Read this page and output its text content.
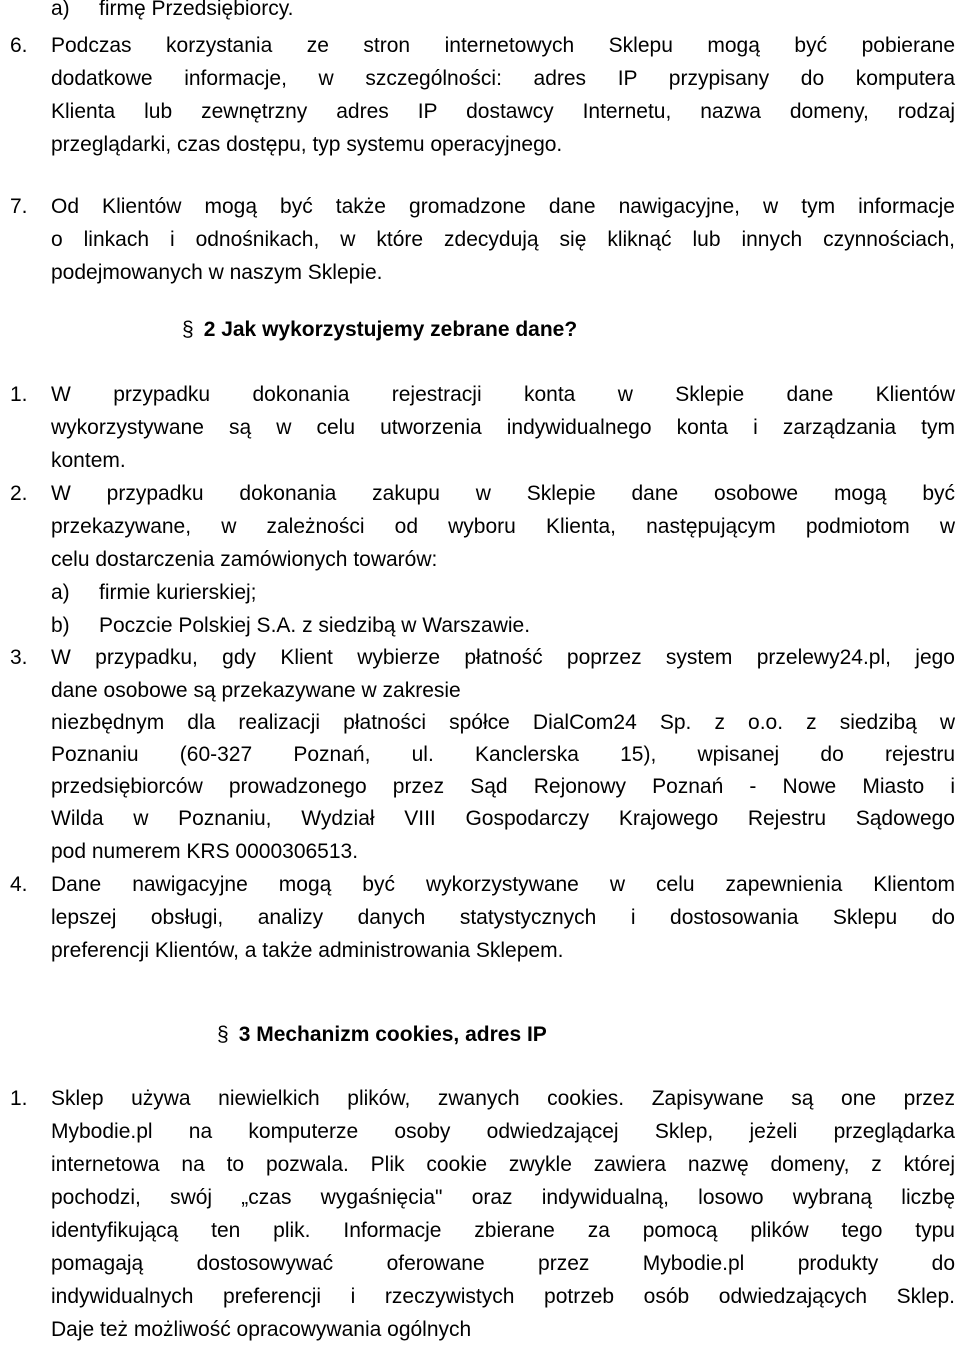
a) firmę Przedsiębiorcy.
6. Podczas korzystania ze stron internetowych Sklepu mogą być pobierane
dodatkowe informacje, w szczególności: adres IP przypisany do komputera
Klienta lub zewnętrzny adres IP dostawcy Internetu, nazwa domeny, rodzaj
przeglądarki, czas dostępu, typ systemu operacyjnego.
7. Od Klientów mogą być także gromadzone dane nawigacyjne, w tym informacje
o linkach i odnośnikach, w które zdecydują się kliknąć lub innych czynnościach,
podejmowanych w naszym Sklepie.
§ 2 Jak wykorzystujemy zebrane dane?
1. W przypadku dokonania rejestracji konta w Sklepie dane Klientów
wykorzystywane są w celu utworzenia indywidualnego konta i zarządzania tym
kontem.
2. W przypadku dokonania zakupu w Sklepie dane osobowe mogą być
przekazywane, w zależności od wyboru Klienta, następującym podmiotom w
celu dostarczenia zamówionych towarów:
a) firmie kurierskiej;
b) Poczcie Polskiej S.A. z siedzibą w Warszawie.
3. W przypadku, gdy Klient wybierze płatność poprzez system przelewy24.pl, jego
dane osobowe są przekazywane w zakresie
niezbędnym dla realizacji płatności spółce DialCom24 Sp. z o.o. z siedzibą w
Poznaniu (60-327 Poznań, ul. Kanclerska 15), wpisanej do rejestru
przedsiębiorców prowadzonego przez Sąd Rejonowy Poznań - Nowe Miasto i
Wilda w Poznaniu, Wydział VIII Gospodarczy Krajowego Rejestru Sądowego
pod numerem KRS 0000306513.
4. Dane nawigacyjne mogą być wykorzystywane w celu zapewnienia Klientom
lepszej obsługi, analizy danych statystycznych i dostosowania Sklepu do
preferencji Klientów, a także administrowania Sklepem.
§ 3 Mechanizm cookies, adres IP
1. Sklep używa niewielkich plików, zwanych cookies. Zapisywane są one przez
Mybodie.pl na komputerze osoby odwiedzającej Sklep, jeżeli przeglądarka
internetowa na to pozwala. Plik cookie zwykle zawiera nazwę domeny, z której
pochodzi, swój „czas wygaśnięcia" oraz indywidualną, losowo wybraną liczbę
identyfikującą ten plik. Informacje zbierane za pomocą plików tego typu
pomagają dostosowywać oferowane przez Mybodie.pl produkty do
indywidualnych preferencji i rzeczywistych potrzeb osób odwiedzających Sklep.
Daje też możliwość opracowywania ogólnych
